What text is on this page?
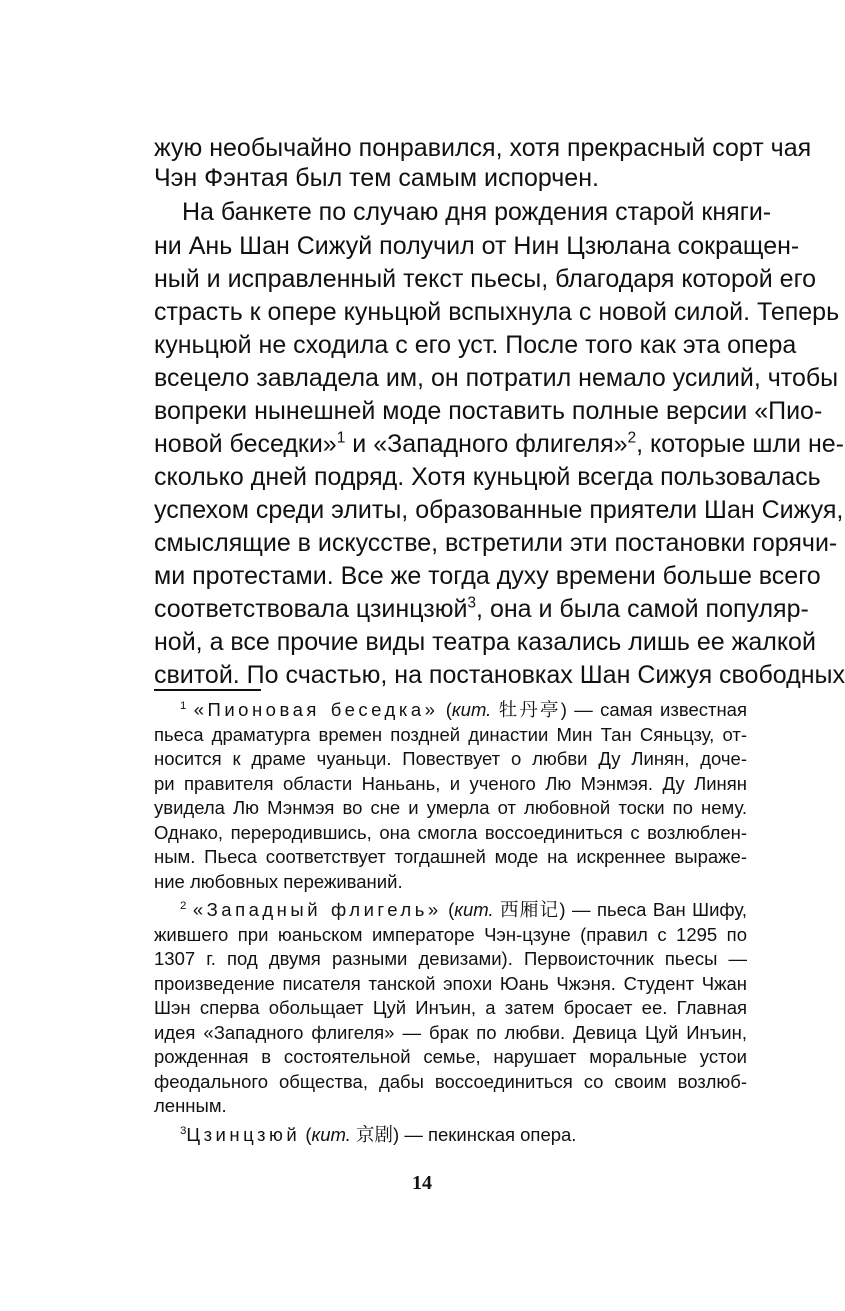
жую необычайно понравился, хотя прекрасный сорт чая

Чэн Фэнтая был тем самым испорчен.

На банкете по случаю дня рождения старой княги-

ни Ань Шан Сижуй получил от Нин Цзюлана сокращен-

ный и исправленный текст пьесы, благодаря которой его

страсть к опере куньцюй вспыхнула с новой силой. Теперь

куньцюй не сходила с его уст. После того как эта опера

всецело завладела им, он потратил немало усилий, чтобы

вопреки нынешней моде поставить полные версии «Пио-

новой беседки»$^1$ и «Западного флигеля»$^2$, которые шли не-

сколько дней подряд. Хотя куньцюй всегда пользовалась

успехом среди элиты, образованные приятели Шан Сижуя,

смыслящие в искусстве, встретили эти постановки горячи-

ми протестами. Все же тогда духу времени больше всего

соответствовала цзинцзюй$^3$, она и была самой популяр-

ной, а все прочие виды театра казались лишь ее жалкой

свитой. По счастью, на постановках Шан Сижуя свободных

$^1$ «Пионовая беседка» (кит. 牡丹亭) — самая известная

пьеса драматурга времен поздней династии Мин Тан Сяньцзу, от-

носится к драме чуаньци. Повествует о любви Ду Линян, доче-

ри правителя области Наньань, и ученого Лю Мэнмэя. Ду Линян

увидела Лю Мэнмэя во сне и умерла от любовной тоски по нему.

Однако, переродившись, она смогла воссоединиться с возлюблен-

ным. Пьеса соответствует тогдашней моде на искреннее выраже-

ние любовных переживаний.

$^2$ «Западный флигель» (кит. 西厢记) — пьеса Ван Шифу,

жившего при юаньском императоре Чэн-цзуне (правил с 1295 по

1307 г. под двумя разными девизами). Первоисточник пьесы —

произведение писателя танской эпохи Юань Чжэня. Студент Чжан

Шэн сперва обольщает Цуй Инъин, а затем бросает ее. Главная

идея «Западного флигеля» — брак по любви. Девица Цуй Инъин,

рожденная в состоятельной семье, нарушает моральные устои

феодального общества, дабы воссоединиться со своим возлюб-

ленным.

$^3$Цзинцзюй (кит. 京剧) — пекинская опера.

14
